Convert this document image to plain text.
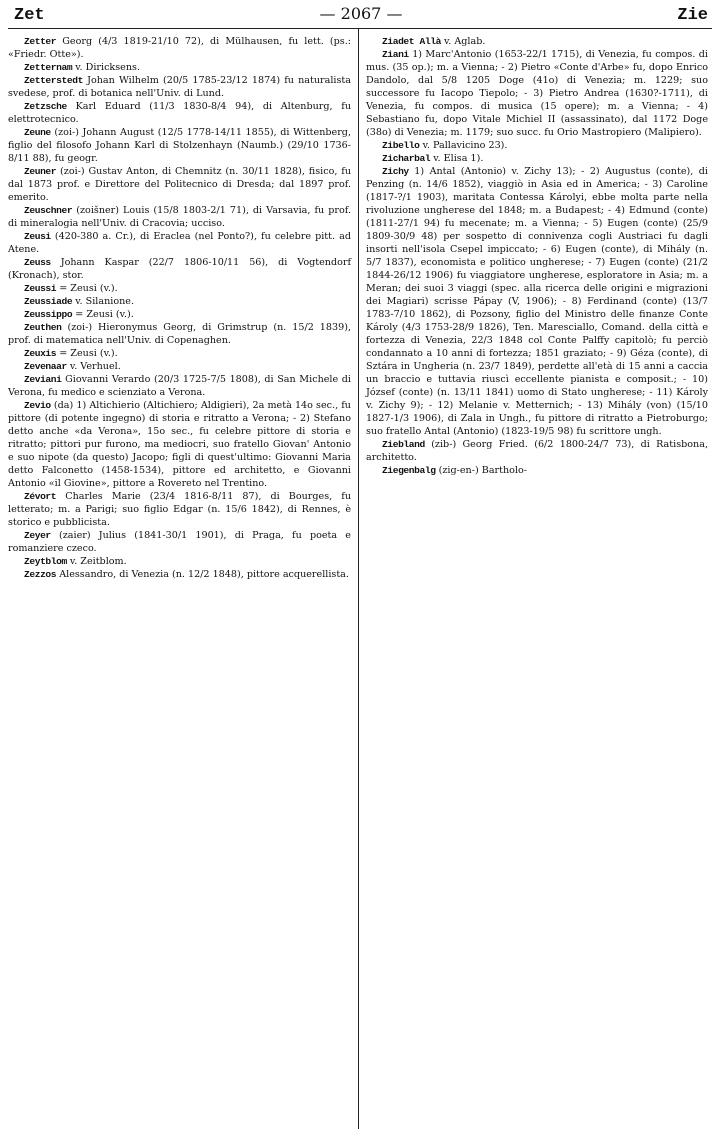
Zet	— 2067 —	Zie

Zetter Georg (4/3 1819-21/10 72), di Mülhausen, fu lett. (ps.: «Friedr. Otte»).

Zetternam v. Diricksens.

Zetterstedt Johan Wilhelm (20/5 1785-23/12 1874) fu naturalista svedese, prof. di botanica nell'Univ. di Lund.

Zetzsche Karl Eduard (11/3 1830-8/4 94), di Altenburg, fu elettrotecnico.

Zeune (zoi-) Johann August (12/5 1778-14/11 1855), di Wittenberg, figlio del filosofo Johann Karl di Stolzenhayn (Naumb.) (29/10 1736-8/11 88), fu geogr.

Zeuner (zoi-) Gustav Anton, di Chemnitz (n. 30/11 1828), fisico, fu dal 1873 prof. e Direttore del Politecnico di Dresda; dal 1897 prof. emerito.

Zeuschner (zoišner) Louis (15/8 1803-2/1 71), di Varsavia, fu prof. di mineralogia nell'Univ. di Cracovia; ucciso.

Zeusi (420-380 a. Cr.), di Eraclea (nel Ponto?), fu celebre pitt. ad Atene.

Zeuss Johann Kaspar (22/7 1806-10/11 56), di Vogtendorf (Kronach), stor.

Zeussi = Zeusi (v.).

Zeussiade v. Silanione.

Zeussippo = Zeusi (v.).

Zeuthen (zoi-) Hieronymus Georg, di Grimstrup (n. 15/2 1839), prof. di matematica nell'Univ. di Copenaghen.

Zeuxis = Zeusi (v.).

Zevenaar v. Verhuel.

Zeviani Giovanni Verardo (20/3 1725-7/5 1808), di San Michele di Verona, fu medico e scienziato a Verona.

Zevio (da) 1) Altichierio (Altichiero; Aldigieri), 2a metà 14o sec., fu pittore (di potente ingegno) di storia e ritratto a Verona; - 2) Stefano detto anche «da Verona», 15o sec., fu celebre pittore di storia e ritratto; pittori pur furono, ma mediocri, suo fratello Giovan' Antonio e suo nipote (da questo) Jacopo; figli di quest'ultimo: Giovanni Maria detto Falconetto (1458-1534), pittore ed architetto, e Giovanni Antonio «il Giovine», pittore a Rovereto nel Trentino.

Zévort Charles Marie (23/4 1816-8/11 87), di Bourges, fu letterato; m. a Parigi; suo figlio Edgar (n. 15/6 1842), di Rennes, è storico e pubblicista.

Zeyer (zaier) Julius (1841-30/1 1901), di Praga, fu poeta e romanziere czeco.

Zeytblom v. Zeitblom.

Zezzos Alessandro, di Venezia (n. 12/2 1848), pittore acquerellista.

Ziadet Allà v. Aglab.

Ziani 1) Marc'Antonio (1653-22/1 1715), di Venezia, fu compos. di mus. (35 op.); m. a Vienna; - 2) Pietro «Conte d'Arbe» fu, dopo Enrico Dandolo, dal 5/8 1205 Doge (41o) di Venezia; m. 1229; suo successore fu Iacopo Tiepolo; - 3) Pietro Andrea (1630?-1711), di Venezia, fu compos. di musica (15 opere); m. a Vienna; - 4) Sebastiano fu, dopo Vitale Michiel II (assassinato), dal 1172 Doge (38o) di Venezia; m. 1179; suo succ. fu Orio Mastropiero (Malipiero).

Zibello v. Pallavicino 23).

Zicharbal v. Elisa 1).

Zichy 1) Antal (Antonio) v. Zichy 13); - 2) Augustus (conte), di Penzing (n. 14/6 1852), viaggiò in Asia ed in America; - 3) Caroline (1817-?/1 1903), maritata Contessa Károlyi, ebbe molta parte nella rivoluzione ungherese del 1848; m. a Budapest; - 4) Edmund (conte) (1811-27/1 94) fu mecenate; m. a Vienna; - 5) Eugen (conte) (25/9 1809-30/9 48) per sospetto di connivenza cogli Austriaci fu dagli insorti nell'isola Csepel impiccato; - 6) Eugen (conte), di Mihály (n. 5/7 1837), economista e politico ungherese; - 7) Eugen (conte) (21/2 1844-26/12 1906) fu viaggiatore ungherese, esploratore in Asia; m. a Meran; dei suoi 3 viaggi (spec. alla ricerca delle origini e migrazioni dei Magiari) scrisse Pápay (V, 1906); - 8) Ferdinand (conte) (13/7 1783-7/10 1862), di Pozsony, figlio del Ministro delle finanze Conte Károly (4/3 1753-28/9 1826), Ten. Maresciallo, Comand. della città e fortezza di Venezia, 22/3 1848 col Conte Palffy capitolò; fu perciò condannato a 10 anni di fortezza; 1851 graziato; - 9) Géza (conte), di Sztára in Ungheria (n. 23/7 1849), perdette all'età di 15 anni a caccia un braccio e tuttavia riuscì eccellente pianista e composit.; - 10) József (conte) (n. 13/11 1841) uomo di Stato ungherese; - 11) Károly v. Zichy 9); - 12) Melanie v. Metternich; - 13) Mihály (von) (15/10 1827-1/3 1906), di Zala in Ungh., fu pittore di ritratto a Pietroburgo; suo fratello Antal (Antonio) (1823-19/5 98) fu scrittore ungh.

Ziebland (zib-) Georg Fried. (6/2 1800-24/7 73), di Ratisbona, architetto.

Ziegenbalg (zig-en-) Bartholo-
